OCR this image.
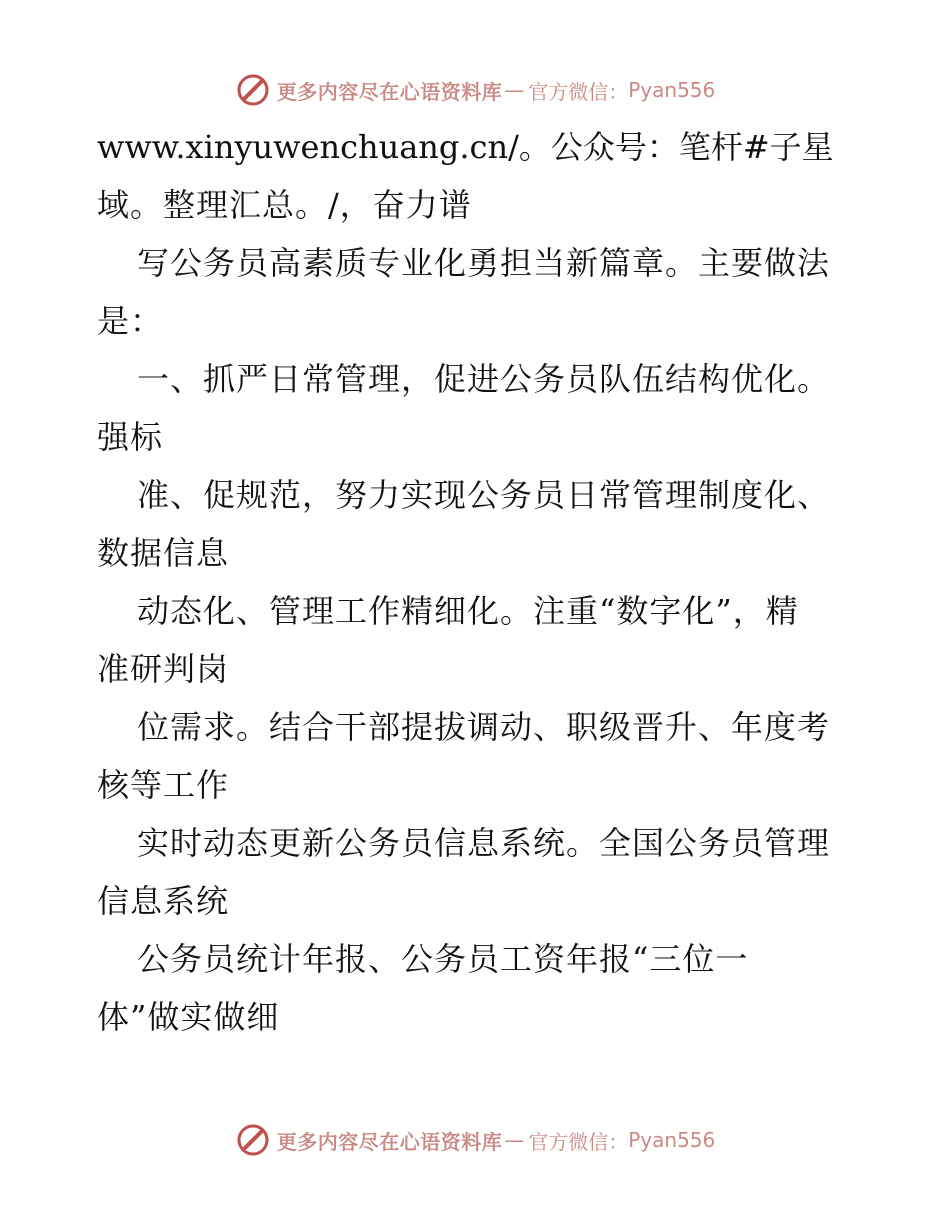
更多内容尽在心语资料库 — 官方微信： Pyan556

www.xinyuwenchuang.cn/。公众号：笔杆#子星

域。整理汇总。/，奋力谱

写公务员高素质专业化勇担当新篇章。主要做法

是：

一、抓严日常管理，促进公务员队伍结构优化。

强标

准、促规范，努力实现公务员日常管理制度化、

数据信息

动态化、管理工作精细化。注重“数字化”，精

准研判岗

位需求。结合干部提拔调动、职级晋升、年度考

核等工作

实时动态更新公务员信息系统。全国公务员管理

信息系统

公务员统计年报、公务员工资年报“三位一

体”做实做细

更多内容尽在心语资料库 — 官方微信： Pyan556
